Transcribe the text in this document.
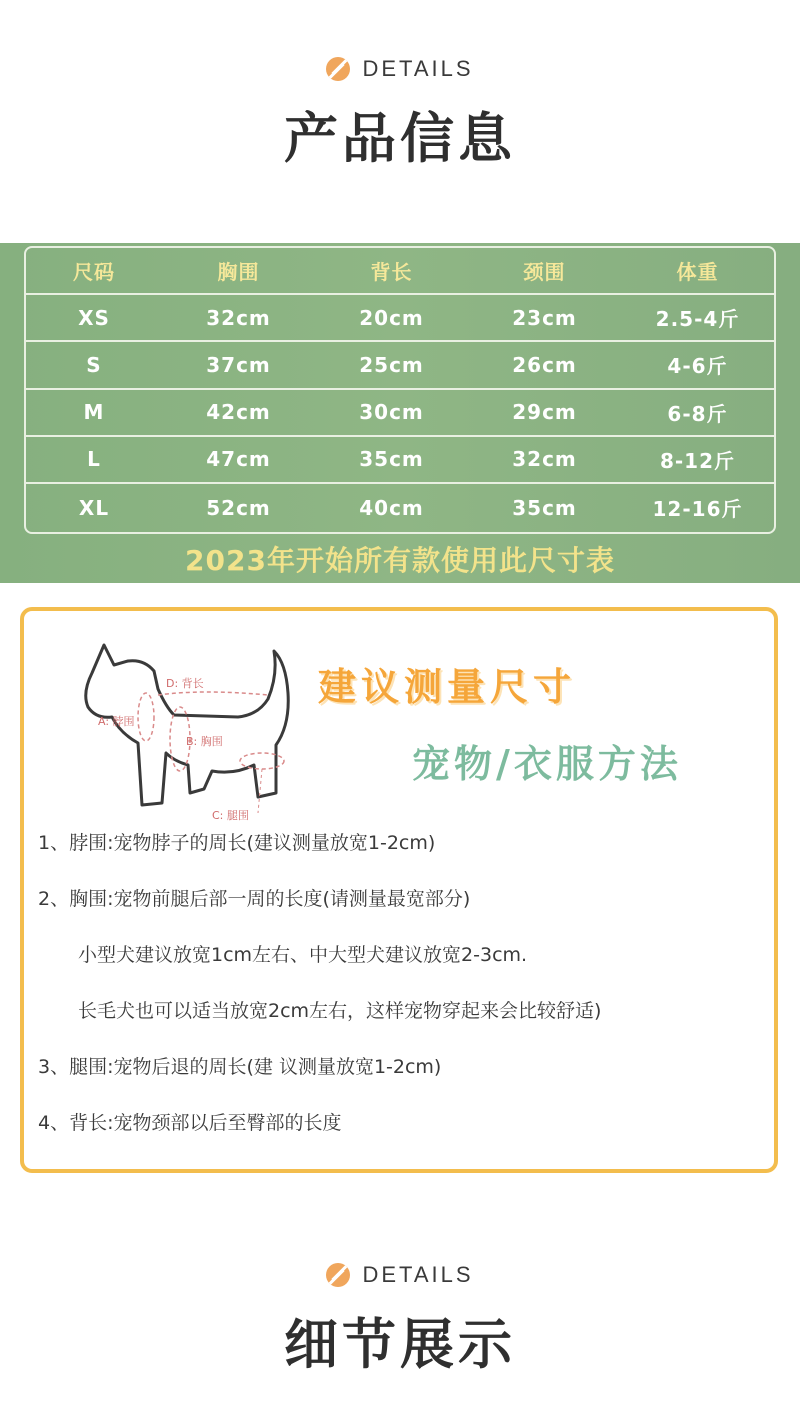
DETAILS
产品信息
尺码	胸围	背长	颈围	体重
XS	32cm	20cm	23cm	2.5-4斤
S	37cm	25cm	26cm	4-6斤
M	42cm	30cm	29cm	6-8斤
L	47cm	35cm	32cm	8-12斤
XL	52cm	40cm	35cm	12-16斤
2023年开始所有款使用此尺寸表
A: 脖围
B: 胸围
C: 腿围
D: 背长	建议测量尺寸
宠物/衣服方法
1、脖围:宠物脖子的周长(建议测量放宽1-2cm)
2、胸围:宠物前腿后部一周的长度(请测量最宽部分)
小型犬建议放宽1cm左右、中大型犬建议放宽2-3cm.
长毛犬也可以适当放宽2cm左右，这样宠物穿起来会比较舒适)
3、腿围:宠物后退的周长(建 议测量放宽1-2cm)
4、背长:宠物颈部以后至臀部的长度
DETAILS
细节展示
